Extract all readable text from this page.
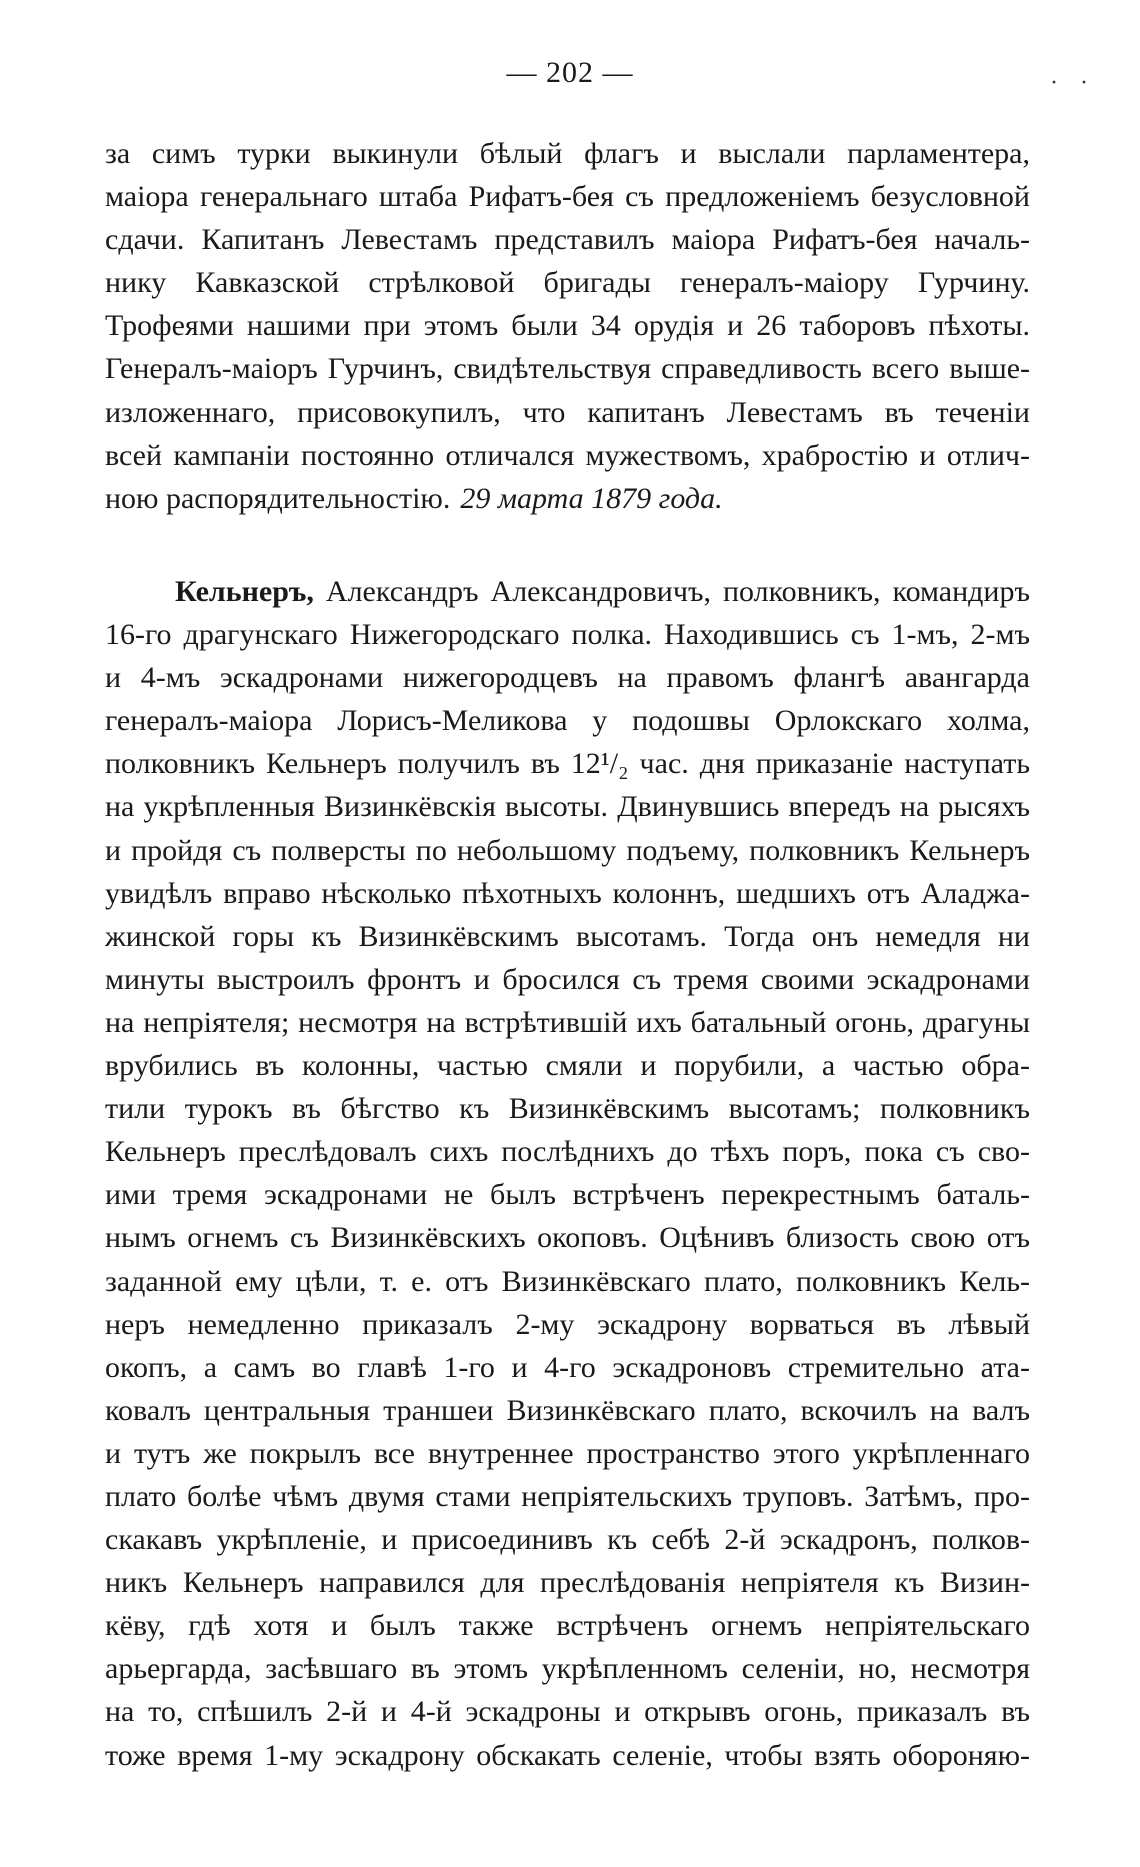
— 202 —	· ·
за симъ турки выкинули бѣлый флагъ и выслали парламентера,
маiора генеральнаго штаба Рифатъ-бея съ предложенiемъ безусловной
сдачи. Капитанъ Левестамъ представилъ маiора Рифатъ-бея началь-
нику Кавказской стрѣлковой бригады генералъ-маiору Гурчину.
Трофеями нашими при этомъ были 34 орудiя и 26 таборовъ пѣхоты.
Генералъ-маiоръ Гурчинъ, свидѣтельствуя справедливость всего выше-
изложеннаго, присовокупилъ, что капитанъ Левестамъ въ теченiи
всей кампанiи постоянно отличался мужествомъ, храбростiю и отлич-
ною распорядительностiю. 29 марта 1879 года.
Кельнеръ, Александръ Александровичъ, полковникъ, командиръ
16-го драгунскаго Нижегородскаго полка. Находившись съ 1-мъ, 2-мъ
и 4-мъ эскадронами нижегородцевъ на правомъ флангѣ авангарда
генералъ-маiора Лорисъ-Меликова у подошвы Орлокскаго холма,
полковникъ Кельнеръ получилъ въ 12¹/₂ час. дня приказанiе наступать
на укрѣпленныя Визинкёвскiя высоты. Двинувшись впередъ на рысяхъ
и пройдя съ полверсты по небольшому подъему, полковникъ Кельнеръ
увидѣлъ вправо нѣсколько пѣхотныхъ колоннъ, шедшихъ отъ Аладжа-
жинской горы къ Визинкёвскимъ высотамъ. Тогда онъ немедля ни
минуты выстроилъ фронтъ и бросился съ тремя своими эскадронами
на непрiятеля; несмотря на встрѣтившiй ихъ батальный огонь, драгуны
врубились въ колонны, частью смяли и порубили, а частью обра-
тили турокъ въ бѣгство къ Визинкёвскимъ высотамъ; полковникъ
Кельнеръ преслѣдовалъ сихъ послѣднихъ до тѣхъ поръ, пока съ сво-
ими тремя эскадронами не былъ встрѣченъ перекрестнымъ баталь-
нымъ огнемъ съ Визинкёвскихъ окоповъ. Оцѣнивъ близость свою отъ
заданной ему цѣли, т. е. отъ Визинкёвскаго плато, полковникъ Кель-
неръ немедленно приказалъ 2-му эскадрону ворваться въ лѣвый
окопъ, а самъ во главѣ 1-го и 4-го эскадроновъ стремительно ата-
ковалъ центральныя траншеи Визинкёвскаго плато, вскочилъ на валъ
и тутъ же покрылъ все внутреннее пространство этого укрѣпленнаго
плато болѣе чѣмъ двумя стами непрiятельскихъ труповъ. Затѣмъ, про-
скакавъ укрѣпленiе, и присоединивъ къ себѣ 2-й эскадронъ, полков-
никъ Кельнеръ направился для преслѣдованiя непрiятеля къ Визин-
кёву, гдѣ хотя и былъ также встрѣченъ огнемъ непрiятельскаго
арьергарда, засѣвшаго въ этомъ укрѣпленномъ селенiи, но, несмотря
на то, спѣшилъ 2-й и 4-й эскадроны и открывъ огонь, приказалъ въ
тоже время 1-му эскадрону обскакать селенiе, чтобы взять обороняю-
